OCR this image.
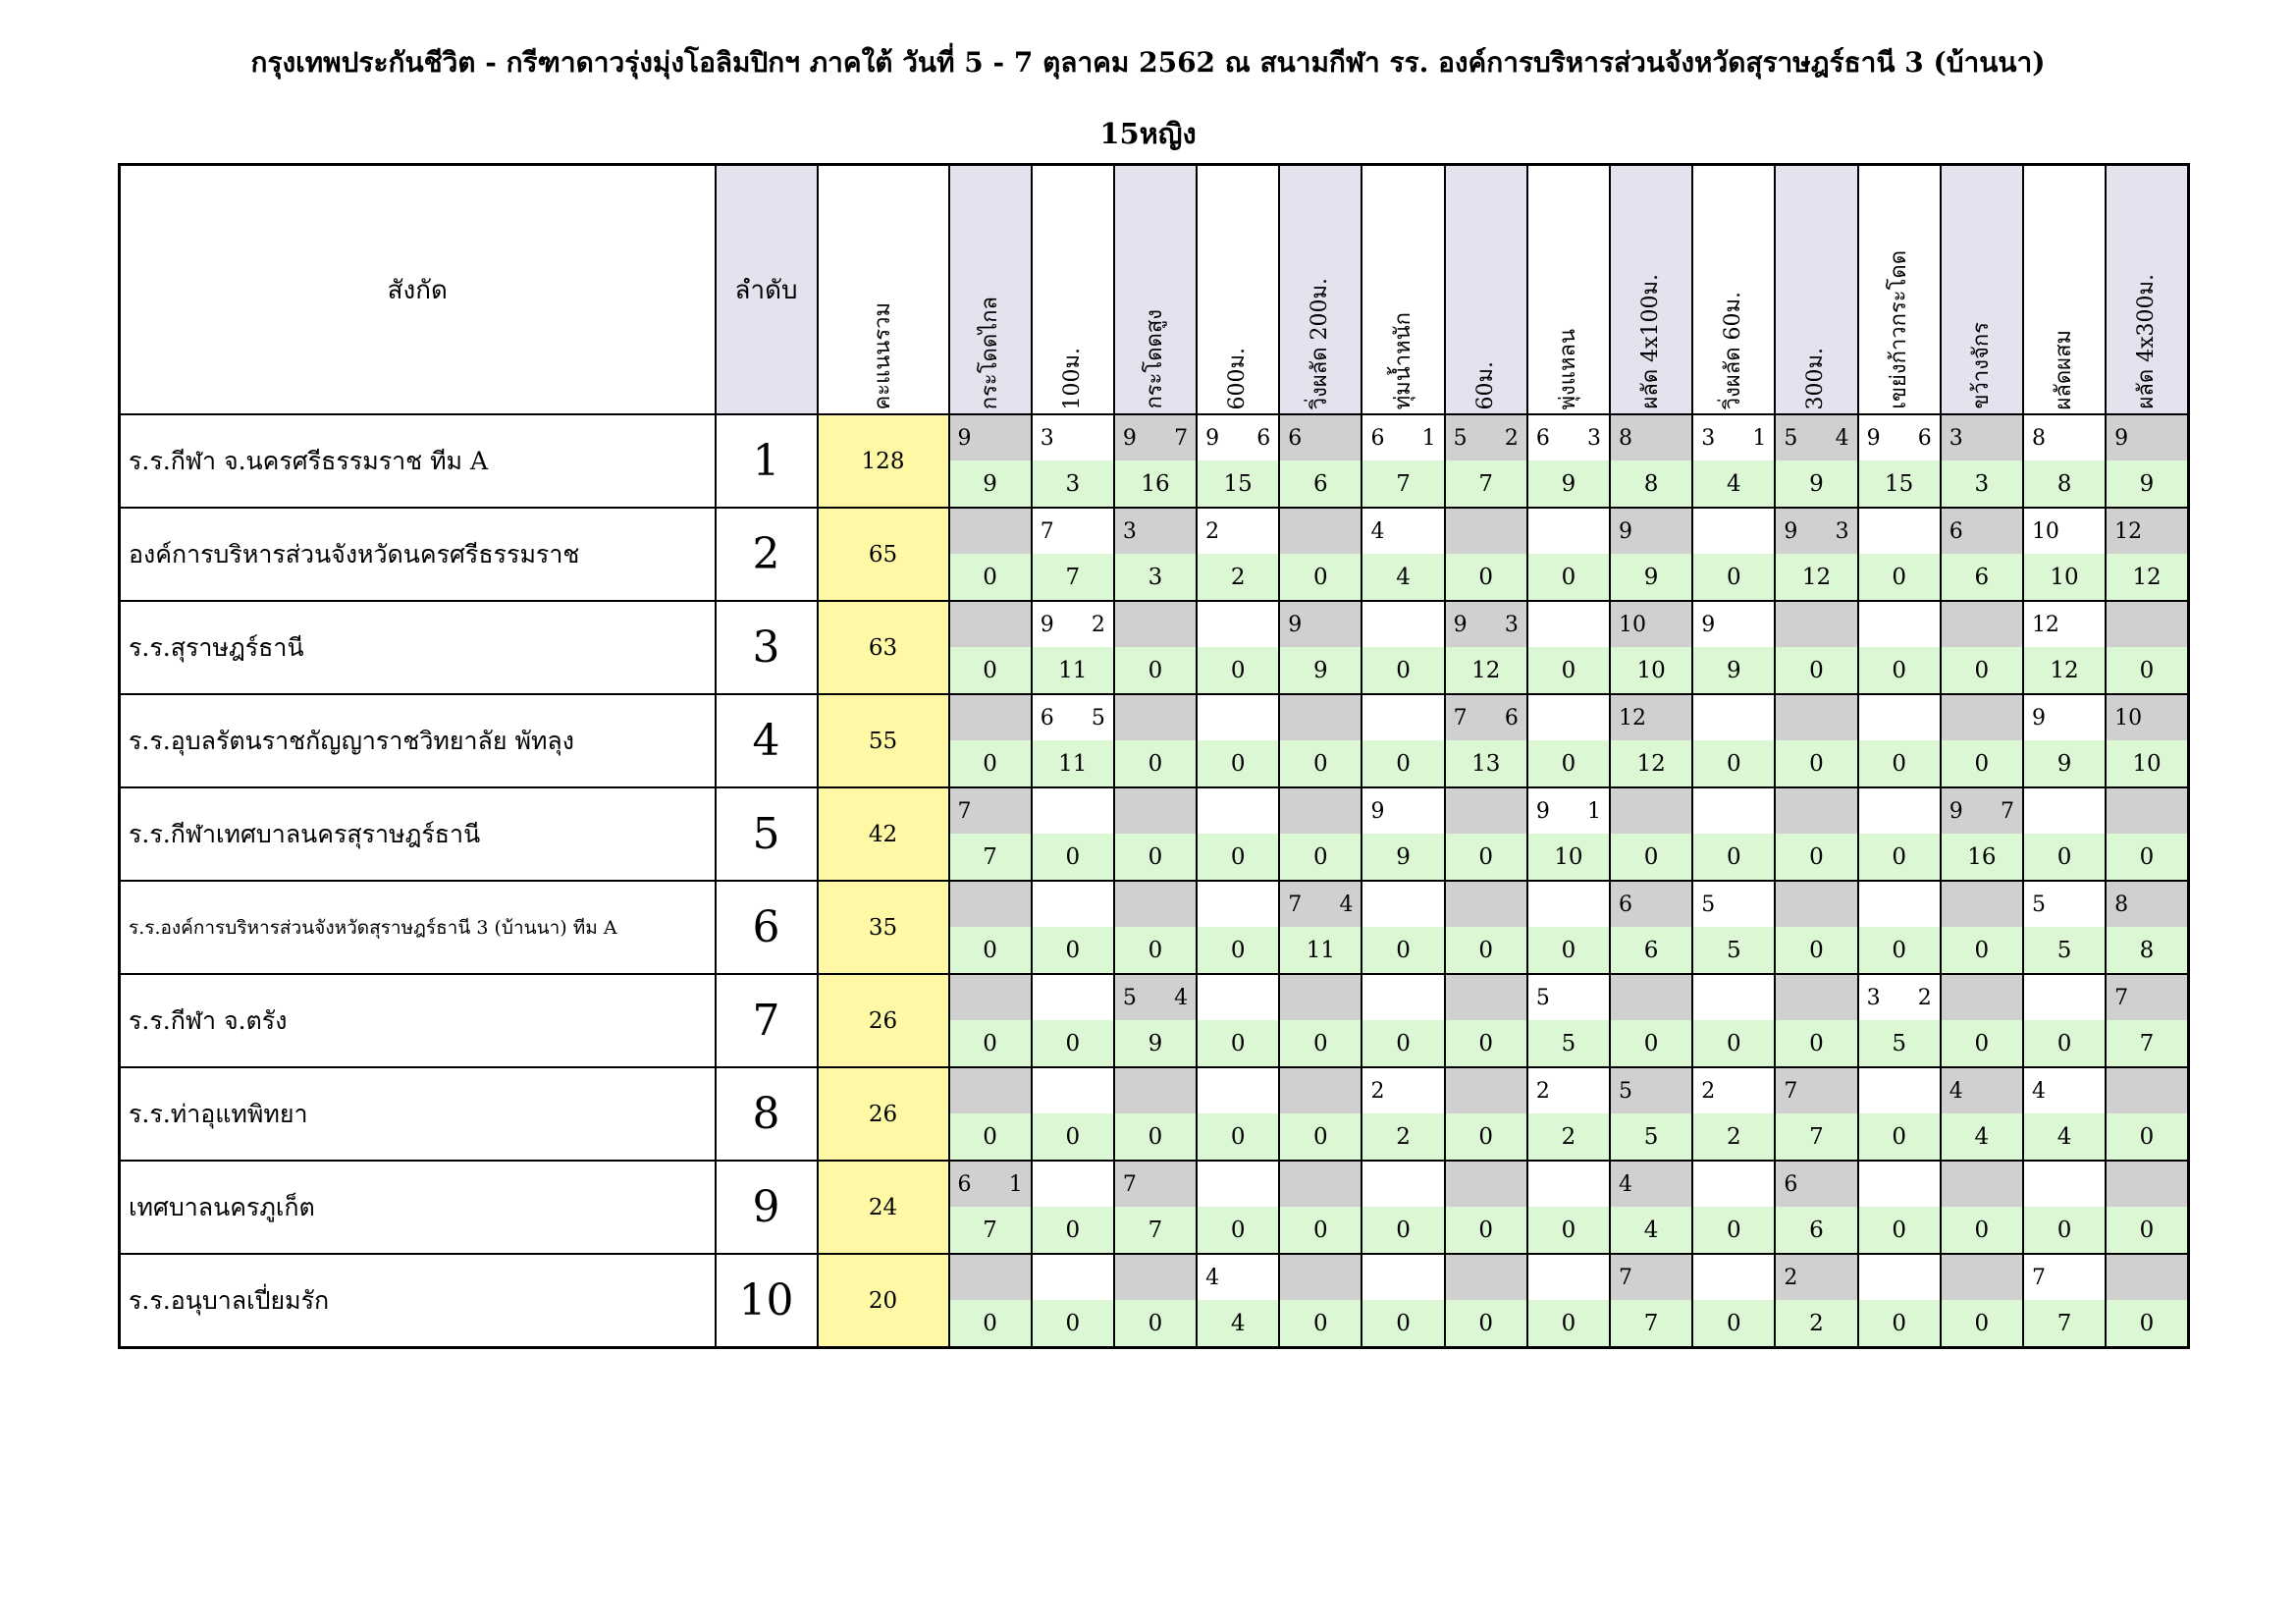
กรุงเทพประกันชีวิต - กรีฑาดาวรุ่งมุ่งโอลิมปิกฯ ภาคใต้ วันที่ 5 - 7 ตุลาคม 2562 ณ สนามกีฬา รร. องค์การบริหารส่วนจังหวัดสุราษฎร์ธานี 3 (บ้านนา)
15หญิง
สังกัด	ลำดับ	คะแนนรวม	กระโดดไกล	100ม.	กระโดดสูง	600ม.	วิ่งผลัด 200ม.	ทุ่มน้ำหนัก	60ม.	พุ่งแหลน	ผลัด 4x100ม.	วิ่งผลัด 60ม.	300ม.	เขย่งก้าวกระโดด	ขว้างจักร	ผลัดผสม	ผลัด 4x300ม.

ร.ร.กีฬา จ.นครศรีธรรมราช ทีม A	1	128	9	3	9 7	9 6	6	6 1	5 2	6 3	8	3 1	5 4	9 6	3	8	9

			9	3	16	15	6	7	7	9	8	4	9	15	3	8	9
องค์การบริหารส่วนจังหวัดนครศรีธรรมราช	2	65		7	3	2		4			9		9 3		6	10	12

			0	7	3	2	0	4	0	0	9	0	12	0	6	10	12
ร.ร.สุราษฎร์ธานี	3	63		9 2			9		9 3		10	9				12	

			0	11	0	0	9	0	12	0	10	9	0	0	0	12	0
ร.ร.อุบลรัตนราชกัญญาราชวิทยาลัย พัทลุง	4	55		6 5					7 6		12					9	10

			0	11	0	0	0	0	13	0	12	0	0	0	0	9	10
ร.ร.กีฬาเทศบาลนครสุราษฎร์ธานี	5	42	7					9		9 1					9 7		

			7	0	0	0	0	9	0	10	0	0	0	0	16	0	0
ร.ร.องค์การบริหารส่วนจังหวัดสุราษฎร์ธานี 3 (บ้านนา) ทีม A	6	35					7 4				6	5				5	8

			0	0	0	0	11	0	0	0	6	5	0	0	0	5	8
ร.ร.กีฬา จ.ตรัง	7	26			5 4					5				3 2			7

			0	0	9	0	0	0	0	5	0	0	0	5	0	0	7
ร.ร.ท่าอุแทพิทยา	8	26						2		2	5	2	7		4	4	

			0	0	0	0	0	2	0	2	5	2	7	0	4	4	0
เทศบาลนครภูเก็ต	9	24	6 1		7						4		6				

			7	0	7	0	0	0	0	0	4	0	6	0	0	0	0
ร.ร.อนุบาลเปี่ยมรัก	10	20				4					7		2			7	

			0	0	0	4	0	0	0	0	7	0	2	0	0	7	0
